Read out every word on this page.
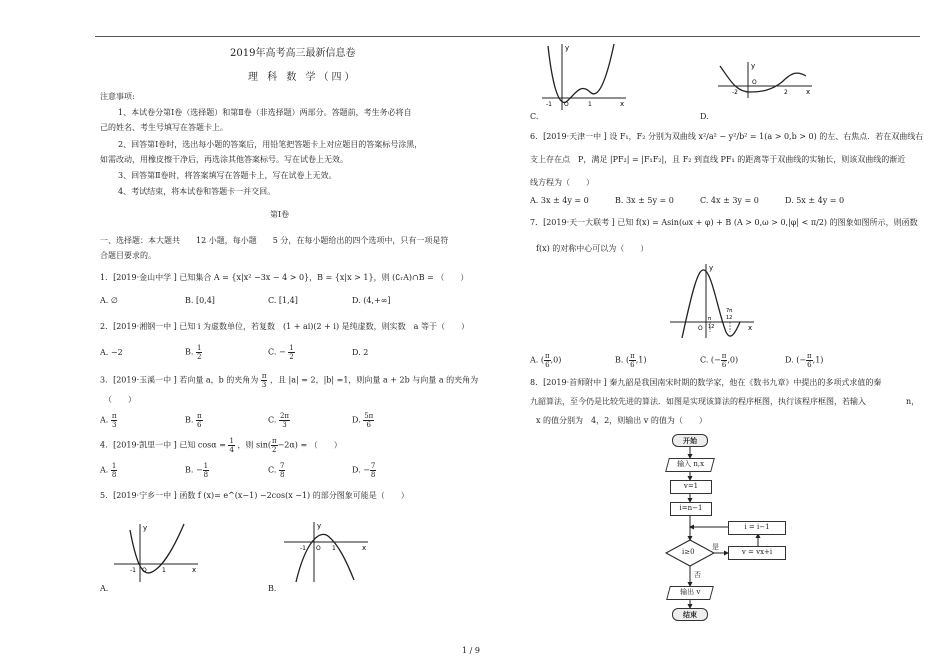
2019年高考高三最新信息卷
理 科 数 学（四）
注意事项:
1、本试卷分第Ⅰ卷（选择题）和第Ⅱ卷（非选择题）两部分。答题前，考生务必将自
己的姓名、考生号填写在答题卡上。
2、回答第Ⅰ卷时，选出每小题的答案后，用铅笔把答题卡上对应题目的答案标号涂黑，
如需改动，用橡皮擦干净后，再选涂其他答案标号。写在试卷上无效。
3、回答第Ⅱ卷时，将答案填写在答题卡上，写在试卷上无效。
4、考试结束，将本试卷和答题卡一并交回。
第Ⅰ卷
一、选择题：本大题共　　12 小题，每小题　　5 分，在每小题给出的四个选项中，只有一项是符
合题目要求的。
1．[2019·金山中学 ] 已知集合 A = {x|x² −3x − 4 > 0}，B = {x|x > 1}，则 (∁ᵣA)∩B = （　　）
A. ∅	B. [0,4]	C. [1,4]	D. (4,+∞]
2．[2019·湘钢一中 ] 已知 i 为虚数单位，若复数　(1 + ai)(2 + i) 是纯虚数，则实数　a 等于（　　）
A. −2	B. $\frac{1}{2}$	C. − $\frac{1}{2}$	D. 2
3．[2019·玉溪一中 ] 若向量 a，b 的夹角为 $\frac{\pi}{3}$ ，且 |a| = 2，|b| =1，则向量 a + 2b 与向量 a 的夹角为
（　　）
A. $\frac{\pi}{3}$	B. $\frac{\pi}{6}$	C. $\frac{2\pi}{3}$	D. $\frac{5\pi}{6}$
4．[2019·凯里一中 ] 已知 $\cos\alpha = \frac{1}{4}$ ，则 $\sin( \frac{\pi}{2} -2\alpha)$ = （　　）
A. $\frac{1}{8}$	B. − $\frac{1}{8}$	C. $\frac{7}{8}$	D. − $\frac{7}{8}$
5．[2019·宁乡一中 ] 函数 f (x)= e^(x−1) −2cos(x −1) 的部分图象可能是（　　）
-1 O	1	x
y
A.
-1 O 1	x
y
B.
-1 O	1	x
y
C.
-2
O
2	x
y
D.
6．[2019·天津一中 ] 设 F₁，F₂ 分别为双曲线 x²/a² − y²/b² = 1(a > 0,b > 0) 的左、右焦点．若在双曲线右
支上存在点　P，满足 |PF₂| = |F₁F₂|，且 F₂ 到直线 PF₁ 的距离等于双曲线的实轴长，则该双曲线的渐近
线方程为（　　）
A. 3x ± 4y = 0	B. 3x ± 5y = 0	C. 4x ± 3y = 0	D. 5x ± 4y = 0
7．[2019·天一大联考 ] 已知 f(x) = Asin(ωx + φ) + B (A > 0,ω > 0,|φ| < π/2) 的图象如图所示，则函数
f(x) 的对称中心可以为（　　）
O
π
12
7π
12
x
y
A. ( $\frac{\pi}{6} ,0$)	B. ( $\frac{\pi}{6} ,1$)	C. (− $\frac{\pi}{6} ,0$)	D. (− $\frac{\pi}{6} ,1$)
8．[2019·首师附中 ] 秦九韶是我国南宋时期的数学家，他在《数书九章》中提出的多项式求值的秦
九韶算法，至今仍是比较先进的算法．如图是实现该算法的程序框图，执行该程序框图，若输入　　　　　n，
x 的值分别为　4，2，则输出 v 的值为（　　）
开始
输入 n,x
v=1
i=n−1
i≥0
是
否
v = vx+i
i = i−1
输出 v
结束
1 / 9
